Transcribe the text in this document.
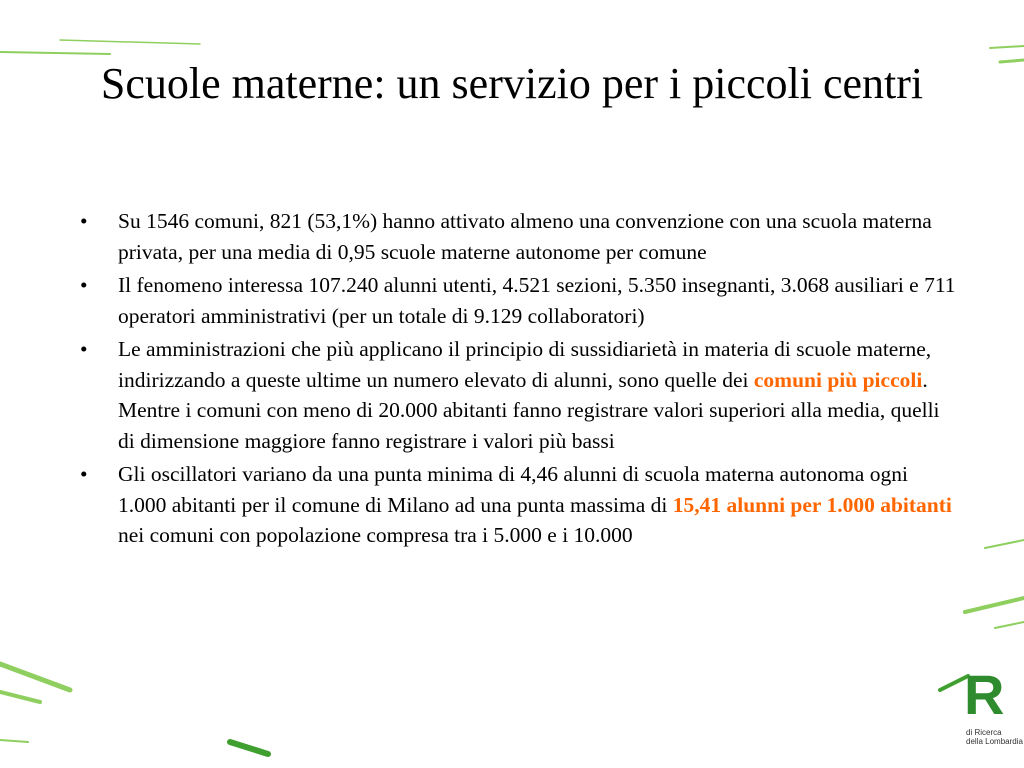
Scuole materne: un servizio per i piccoli centri
• Su 1546 comuni, 821 (53,1%) hanno attivato almeno una convenzione con una scuola materna privata, per una media di 0,95 scuole materne autonome per comune
• Il fenomeno interessa 107.240 alunni utenti, 4.521 sezioni, 5.350 insegnanti, 3.068 ausiliari e 711 operatori amministrativi (per un totale di 9.129 collaboratori)
• Le amministrazioni che più applicano il principio di sussidiarietà in materia di scuole materne, indirizzando a queste ultime un numero elevato di alunni, sono quelle dei comuni più piccoli. Mentre i comuni con meno di 20.000 abitanti fanno registrare valori superiori alla media, quelli di dimensione maggiore fanno registrare i valori più bassi
• Gli oscillatori variano da una punta minima di 4,46 alunni di scuola materna autonoma ogni 1.000 abitanti per il comune di Milano ad una punta massima di 15,41 alunni per 1.000 abitanti nei comuni con popolazione compresa tra i 5.000 e i 10.000
R
di Ricerca
della Lombardia
